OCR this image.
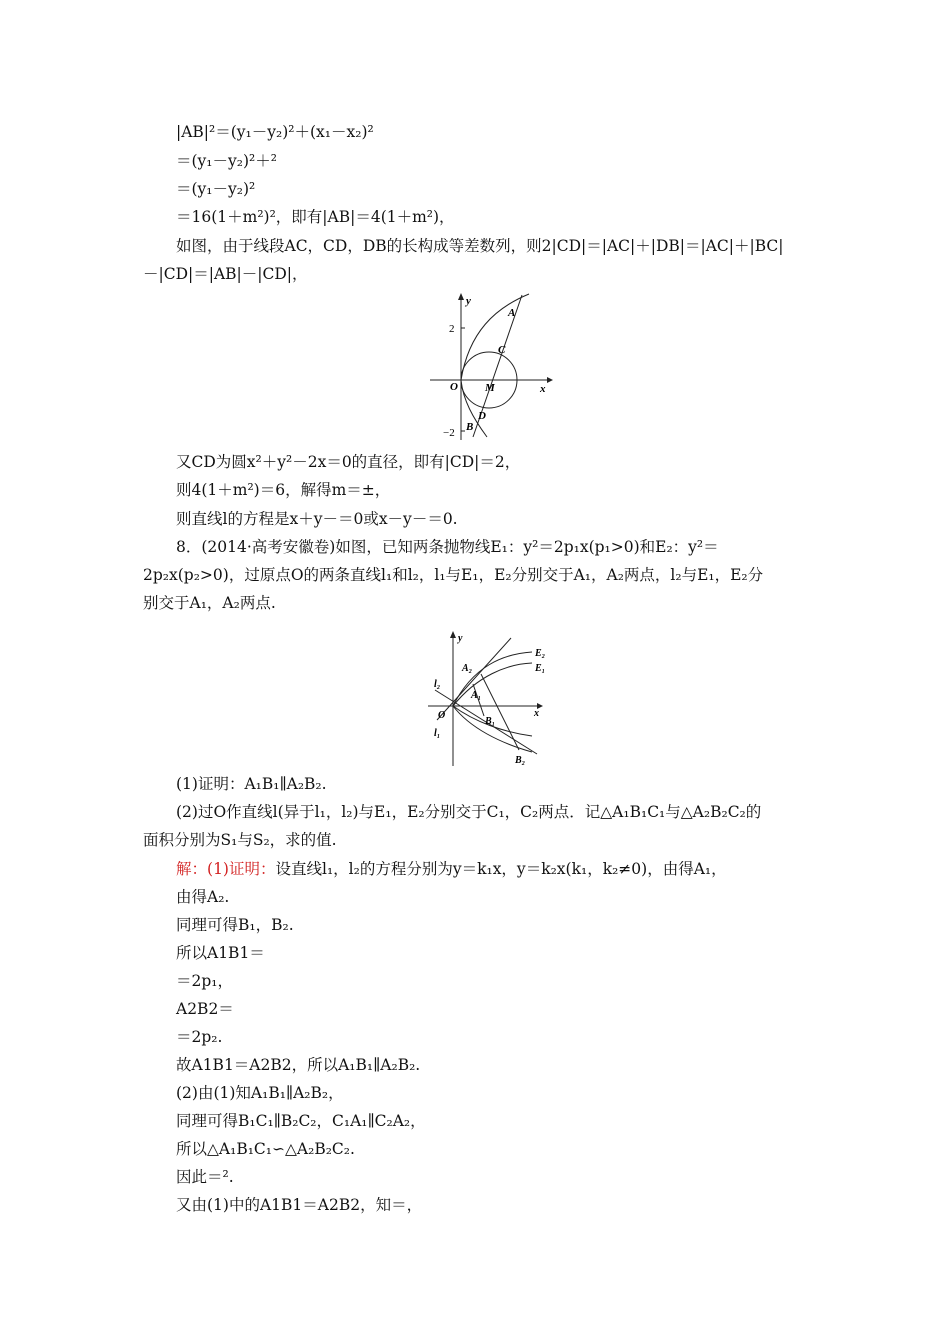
|AB|²＝(y₁－y₂)²＋(x₁－x₂)²
＝(y₁－y₂)²＋²
＝(y₁－y₂)²
＝16(1＋m²)²，即有|AB|＝4(1＋m²)，
如图，由于线段AC，CD，DB的长构成等差数列，则2|CD|＝|AC|＋|DB|＝|AC|＋|BC|
－|CD|＝|AB|－|CD|，
y
x
2
−2
O M
A
C
D
B
又CD为圆x²＋y²－2x＝0的直径，即有|CD|＝2，
则4(1＋m²)＝6，解得m＝±，
则直线l的方程是x＋y－＝0或x－y－＝0.
8．(2014·高考安徽卷)如图，已知两条抛物线E₁：y²＝2p₁x(p₁>0)和E₂：y²＝
2p₂x(p₂>0)，过原点O的两条直线l₁和l₂，l₁与E₁，E₂分别交于A₁，A₂两点，l₂与E₁，E₂分
别交于A₁，A₂两点.
y
x
O
E₂
E₁
A₂
A₁
l₂
l₁
B₁
B₂
(1)证明：A₁B₁∥A₂B₂.
(2)过O作直线l(异于l₁，l₂)与E₁，E₂分别交于C₁，C₂两点．记△A₁B₁C₁与△A₂B₂C₂的
面积分别为S₁与S₂，求的值.
解：(1)证明：设直线l₁，l₂的方程分别为y＝k₁x，y＝k₂x(k₁，k₂≠0)，由得A₁，
由得A₂.
同理可得B₁，B₂.
所以A1B1＝
＝2p₁，
A2B2＝
＝2p₂.
故A1B1＝A2B2，所以A₁B₁∥A₂B₂.
(2)由(1)知A₁B₁∥A₂B₂，
同理可得B₁C₁∥B₂C₂，C₁A₁∥C₂A₂，
所以△A₁B₁C₁∽△A₂B₂C₂.
因此＝².
又由(1)中的A1B1＝A2B2，知＝，
